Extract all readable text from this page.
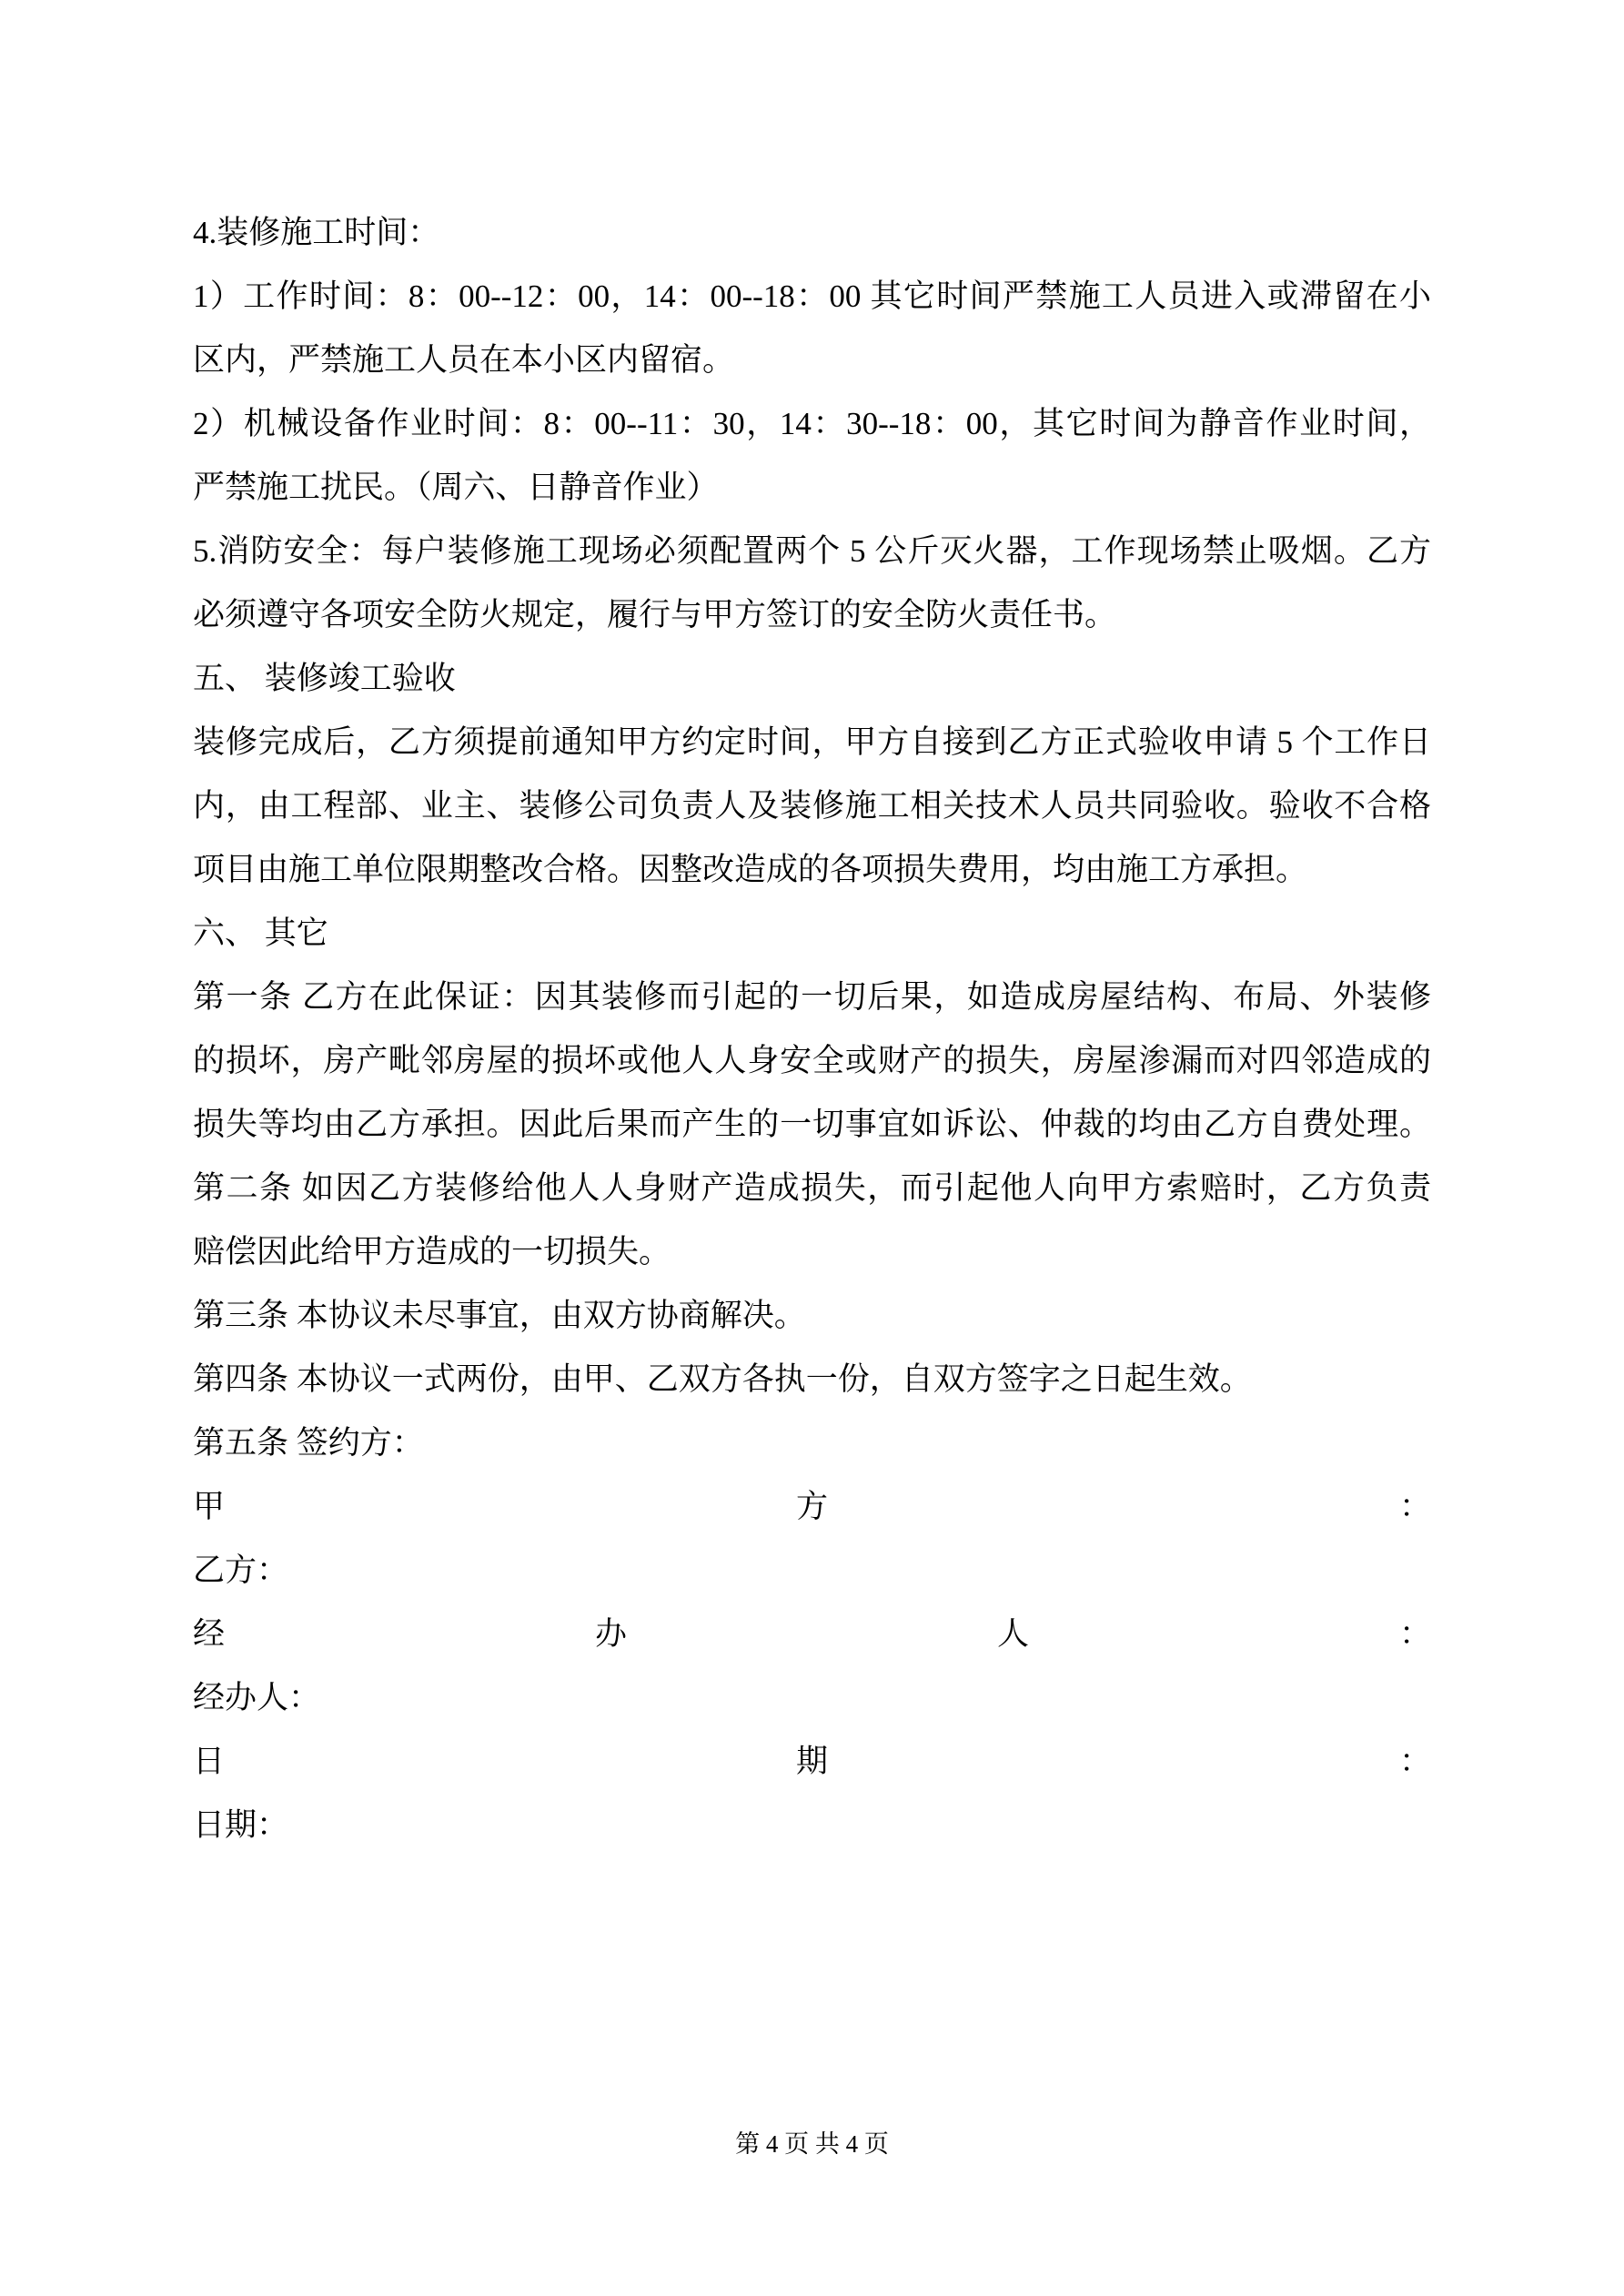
4.装修施工时间：
1）工作时间：8：00--12：00，14：00--18：00 其它时间严禁施工人员进入或滞留在小
区内，严禁施工人员在本小区内留宿。
2）机械设备作业时间：8：00--11：30，14：30--18：00，其它时间为静音作业时间，
严禁施工扰民。（周六、日静音作业）
5.消防安全：每户装修施工现场必须配置两个 5 公斤灭火器，工作现场禁止吸烟。乙方
必须遵守各项安全防火规定，履行与甲方签订的安全防火责任书。
五、 装修竣工验收
装修完成后，乙方须提前通知甲方约定时间，甲方自接到乙方正式验收申请 5 个工作日
内，由工程部、业主、装修公司负责人及装修施工相关技术人员共同验收。验收不合格
项目由施工单位限期整改合格。因整改造成的各项损失费用，均由施工方承担。
六、 其它
第一条 乙方在此保证：因其装修而引起的一切后果，如造成房屋结构、布局、外装修
的损坏，房产毗邻房屋的损坏或他人人身安全或财产的损失，房屋渗漏而对四邻造成的
损失等均由乙方承担。因此后果而产生的一切事宜如诉讼、仲裁的均由乙方自费处理。
第二条 如因乙方装修给他人人身财产造成损失，而引起他人向甲方索赔时，乙方负责
赔偿因此给甲方造成的一切损失。
第三条 本协议未尽事宜，由双方协商解决。
第四条 本协议一式两份，由甲、乙双方各执一份，自双方签字之日起生效。
第五条 签约方：
甲	方	：
乙方：
经	办	人	：
经办人：
日	期	：
日期：
第 4 页 共 4 页
